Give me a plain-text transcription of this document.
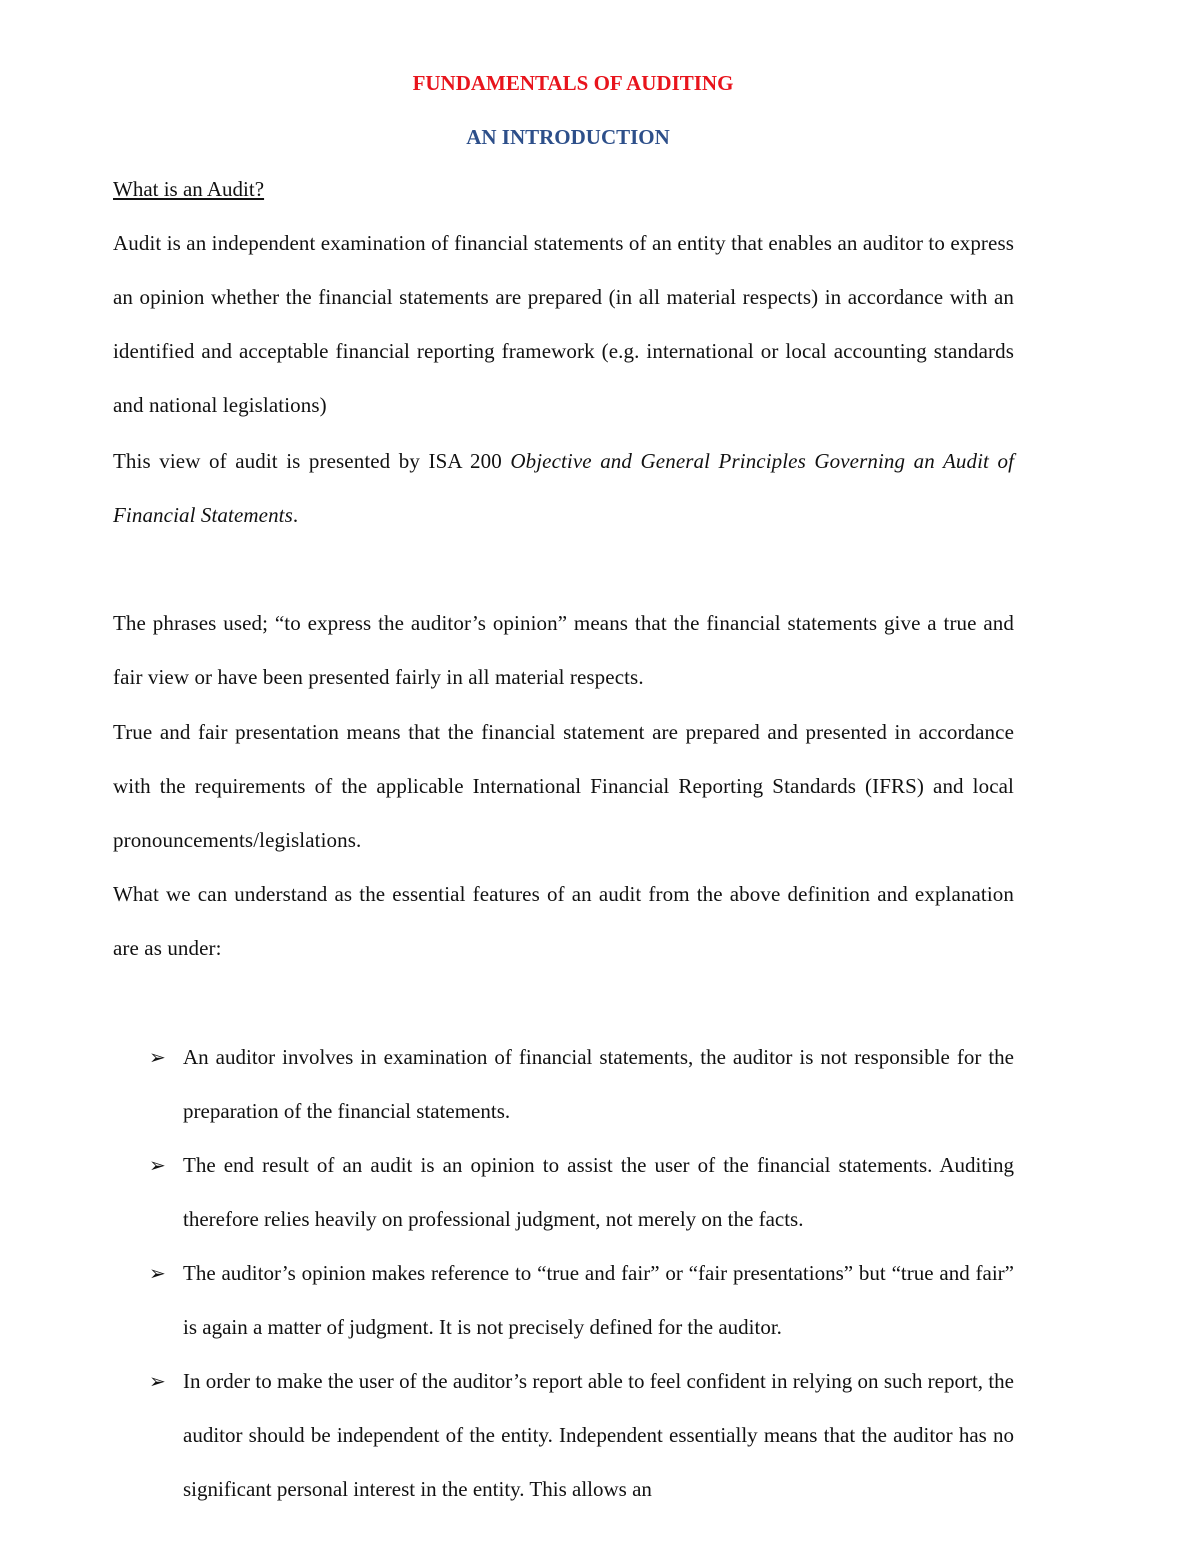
FUNDAMENTALS OF AUDITING
AN INTRODUCTION
What is an Audit?
Audit is an independent examination of financial statements of an entity that enables an auditor to express an opinion whether the financial statements are prepared (in all material respects) in accordance with an identified and acceptable financial reporting framework (e.g. international or local accounting standards and national legislations)
This view of audit is presented by ISA 200 Objective and General Principles Governing an Audit of Financial Statements.
The phrases used; “to express the auditor’s opinion” means that the financial statements give a true and fair view or have been presented fairly in all material respects.
True and fair presentation means that the financial statement are prepared and presented in accordance with the requirements of the applicable International Financial Reporting Standards (IFRS) and local pronouncements/legislations.
What we can understand as the essential features of an audit from the above definition and explanation are as under:
➢ An auditor involves in examination of financial statements, the auditor is not responsible for the preparation of the financial statements.
➢ The end result of an audit is an opinion to assist the user of the financial statements. Auditing therefore relies heavily on professional judgment, not merely on the facts.
➢ The auditor’s opinion makes reference to “true and fair” or “fair presentations” but “true and fair” is again a matter of judgment. It is not precisely defined for the auditor.
➢ In order to make the user of the auditor’s report able to feel confident in relying on such report, the auditor should be independent of the entity. Independent essentially means that the auditor has no significant personal interest in the entity. This allows an
